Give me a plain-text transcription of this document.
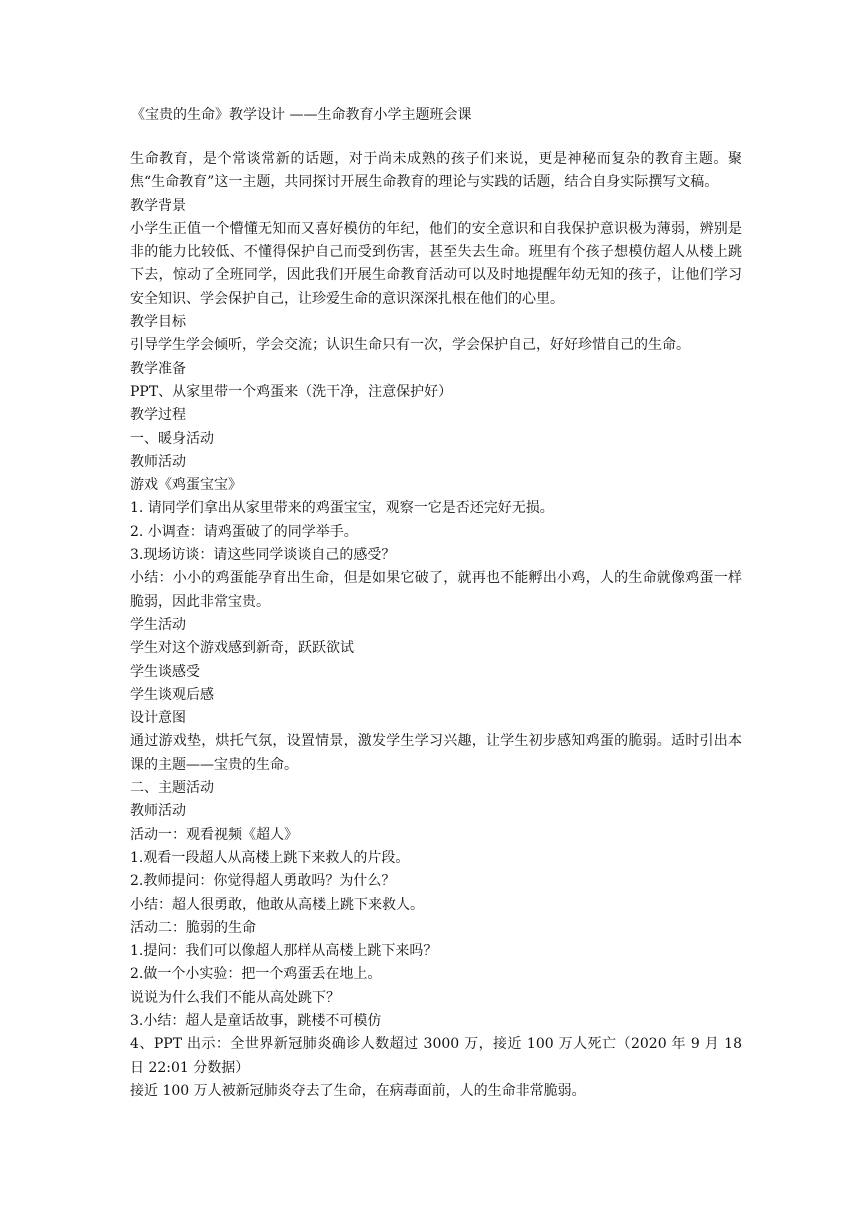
《宝贵的生命》教学设计 ——生命教育小学主题班会课

生命教育，是个常谈常新的话题，对于尚未成熟的孩子们来说，更是神秘而复杂的教育主题。聚焦“生命教育”这一主题，共同探讨开展生命教育的理论与实践的话题，结合自身实际撰写文稿。

教学背景

小学生正值一个懵懂无知而又喜好模仿的年纪，他们的安全意识和自我保护意识极为薄弱，辨别是非的能力比较低、不懂得保护自己而受到伤害，甚至失去生命。班里有个孩子想模仿超人从楼上跳下去，惊动了全班同学，因此我们开展生命教育活动可以及时地提醒年幼无知的孩子，让他们学习安全知识、学会保护自己，让珍爱生命的意识深深扎根在他们的心里。

教学目标

引导学生学会倾听，学会交流；认识生命只有一次，学会保护自己，好好珍惜自己的生命。

教学准备

PPT、从家里带一个鸡蛋来（洗干净，注意保护好）

教学过程

一、暖身活动

教师活动

游戏《鸡蛋宝宝》

1. 请同学们拿出从家里带来的鸡蛋宝宝，观察一它是否还完好无损。

2. 小调查：请鸡蛋破了的同学举手。

3.现场访谈：请这些同学谈谈自己的感受？

小结：小小的鸡蛋能孕育出生命，但是如果它破了，就再也不能孵出小鸡，人的生命就像鸡蛋一样脆弱，因此非常宝贵。

学生活动

学生对这个游戏感到新奇，跃跃欲试

学生谈感受

学生谈观后感

设计意图

通过游戏垫，烘托气氛，设置情景，激发学生学习兴趣，让学生初步感知鸡蛋的脆弱。适时引出本课的主题——宝贵的生命。

二、主题活动

教师活动

活动一：观看视频《超人》

1.观看一段超人从高楼上跳下来救人的片段。

2.教师提问：你觉得超人勇敢吗？为什么？

小结：超人很勇敢，他敢从高楼上跳下来救人。

活动二：脆弱的生命

1.提问：我们可以像超人那样从高楼上跳下来吗？

2.做一个小实验：把一个鸡蛋丢在地上。

说说为什么我们不能从高处跳下？

3.小结：超人是童话故事，跳楼不可模仿

4、PPT 出示：全世界新冠肺炎确诊人数超过 3000 万，接近 100 万人死亡（2020 年 9 月 18 日 22:01 分数据）

接近 100 万人被新冠肺炎夺去了生命，在病毒面前，人的生命非常脆弱。
